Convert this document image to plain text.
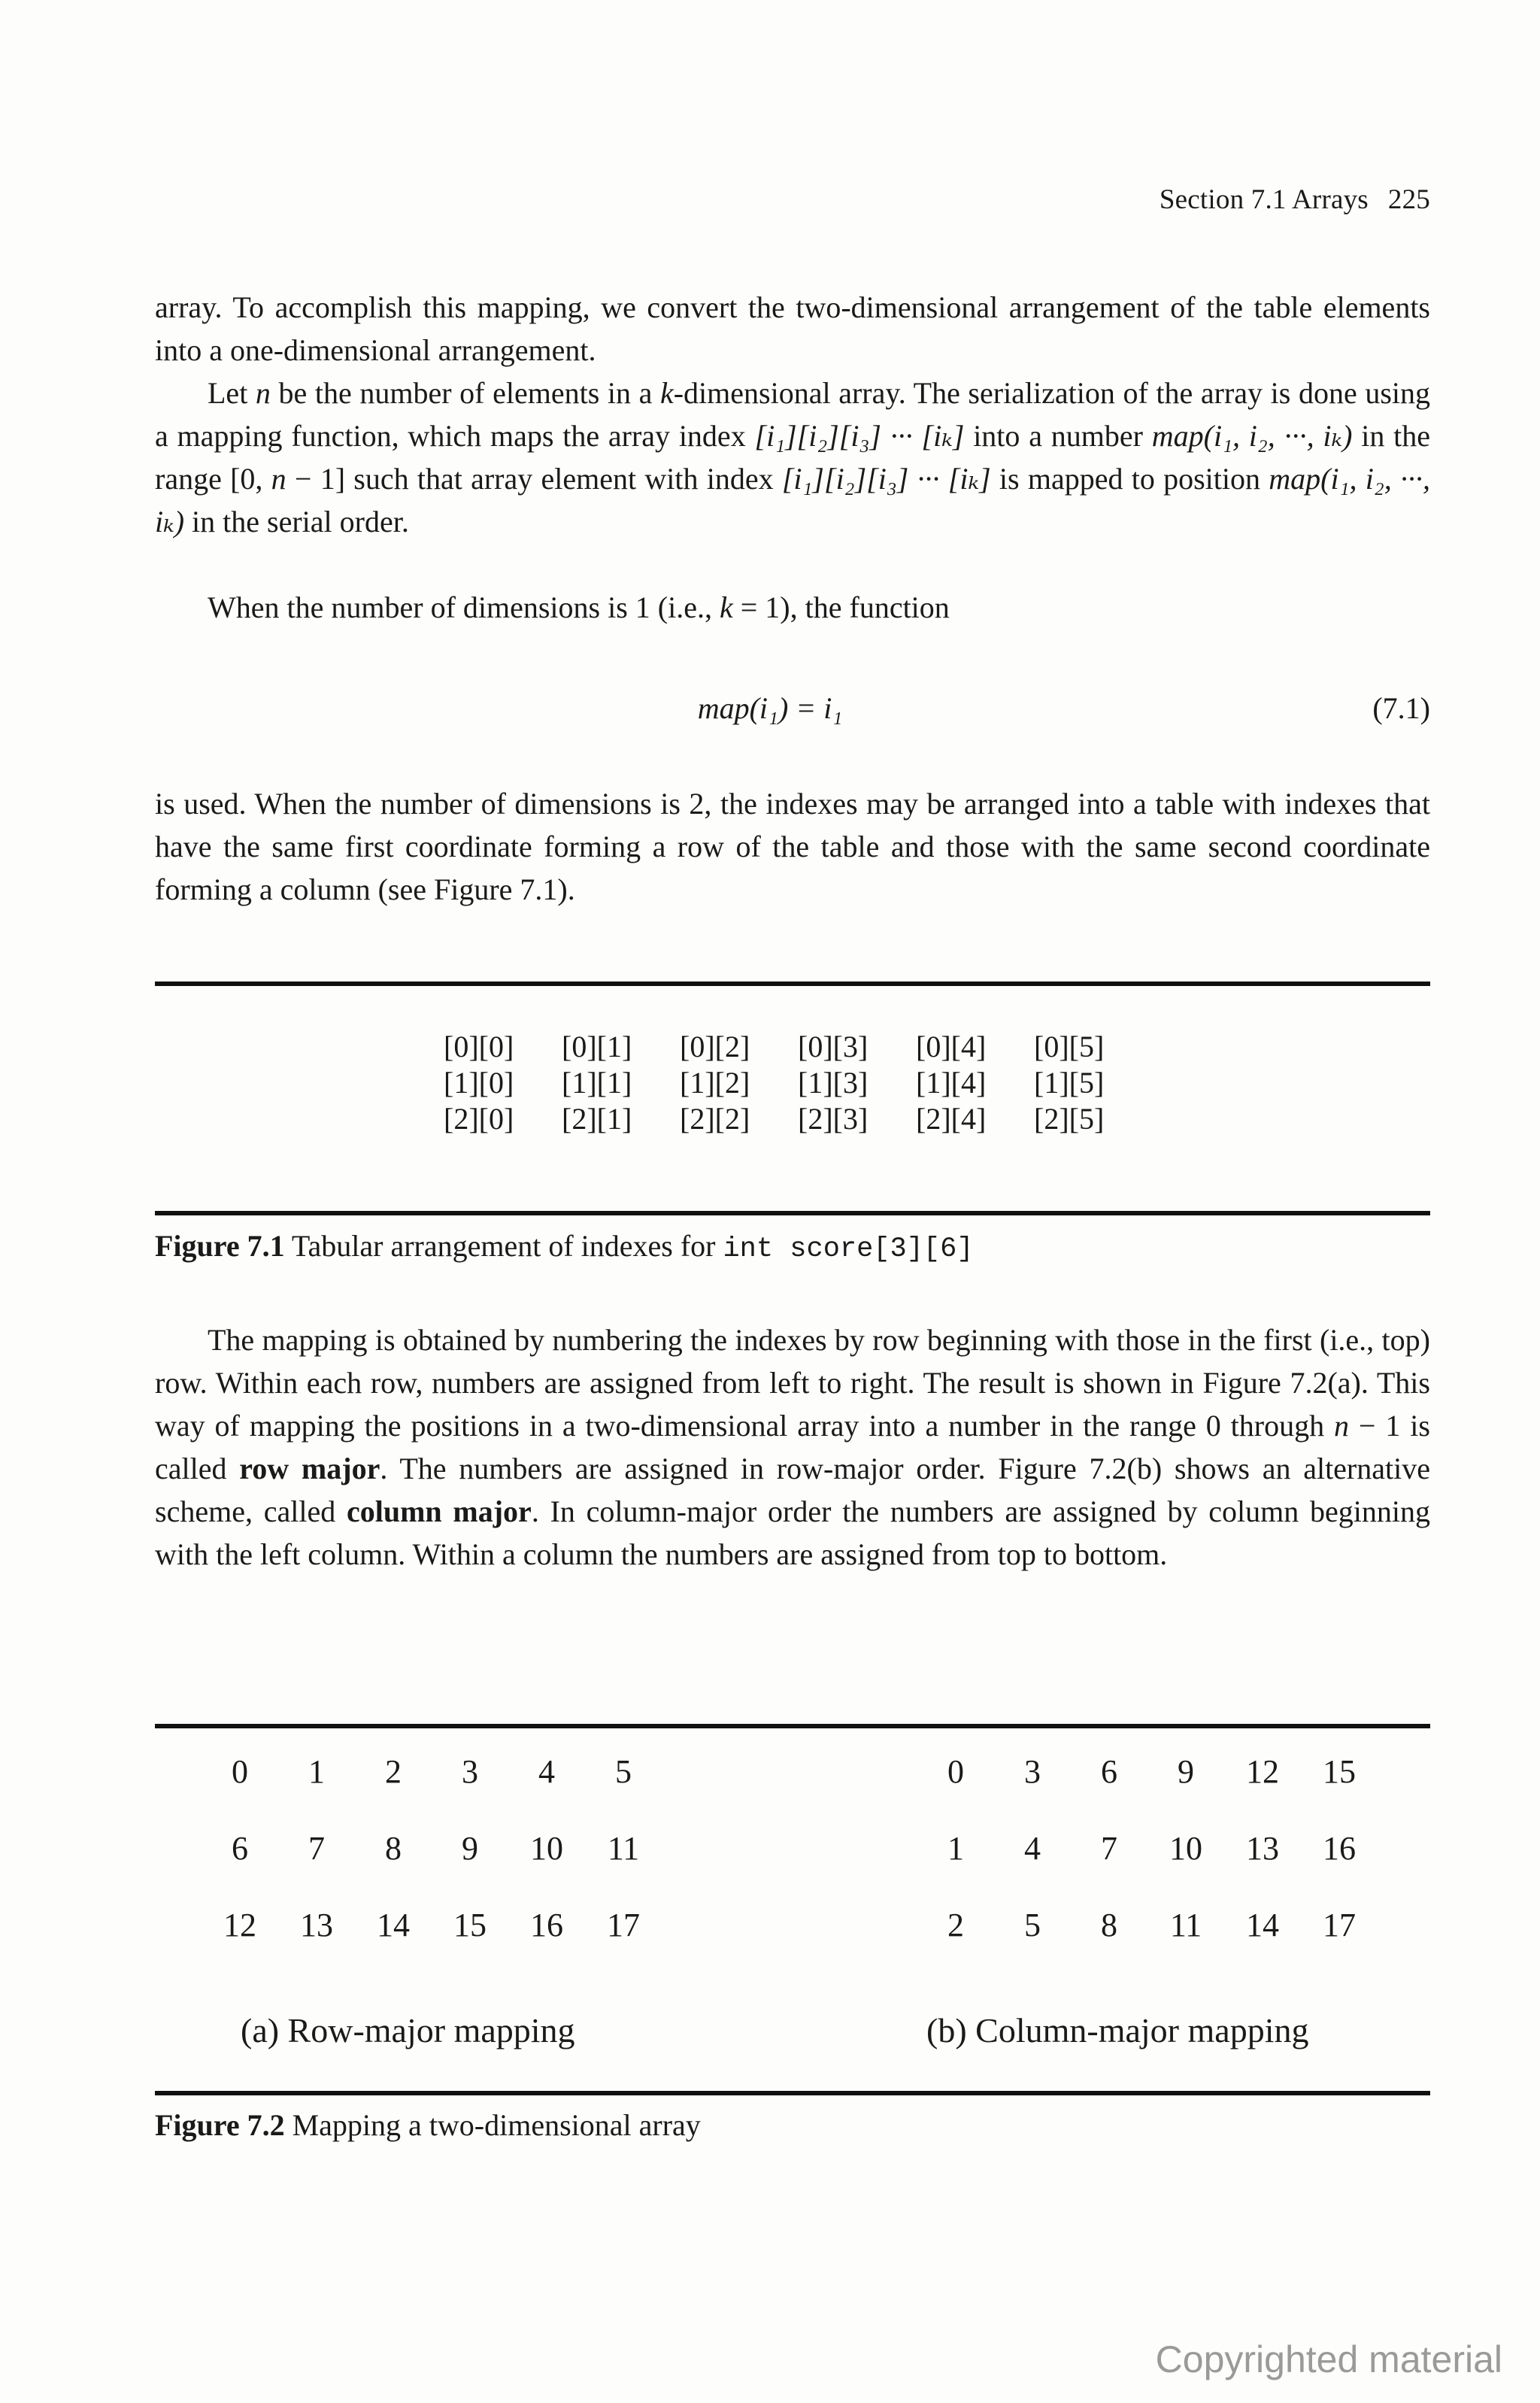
Section 7.1 Arrays 225

array. To accomplish this mapping, we convert the two-dimensional arrangement of the table elements into a one-dimensional arrangement.

Let n be the number of elements in a k-dimensional array. The serialization of the array is done using a mapping function, which maps the array index [i₁][i₂][i₃] ··· [iₖ] into a number map(i₁, i₂, ···, iₖ) in the range [0, n − 1] such that array element with index [i₁][i₂][i₃] ··· [iₖ] is mapped to position map(i₁, i₂, ···, iₖ) in the serial order.

When the number of dimensions is 1 (i.e., k = 1), the function

map(i₁) = i₁	(7.1)

is used. When the number of dimensions is 2, the indexes may be arranged into a table with indexes that have the same first coordinate forming a row of the table and those with the same second coordinate forming a column (see Figure 7.1).

[0][0]	[0][1]	[0][2]	[0][3]	[0][4]	[0][5]
[1][0]	[1][1]	[1][2]	[1][3]	[1][4]	[1][5]
[2][0]	[2][1]	[2][2]	[2][3]	[2][4]	[2][5]
Figure 7.1 Tabular arrangement of indexes for int score[3][6]

The mapping is obtained by numbering the indexes by row beginning with those in the first (i.e., top) row. Within each row, numbers are assigned from left to right. The result is shown in Figure 7.2(a). This way of mapping the positions in a two-dimensional array into a number in the range 0 through n − 1 is called row major. The numbers are assigned in row-major order. Figure 7.2(b) shows an alternative scheme, called column major. In column-major order the numbers are assigned by column beginning with the left column. Within a column the numbers are assigned from top to bottom.

0	1	2	3	4	5
6	7	8	9	10	11
12	13	14	15	16	17
0	3	6	9	12	15
1	4	7	10	13	16
2	5	8	11	14	17
(a) Row-major mapping	(b) Column-major mapping
Figure 7.2 Mapping a two-dimensional array
Copyrighted material
